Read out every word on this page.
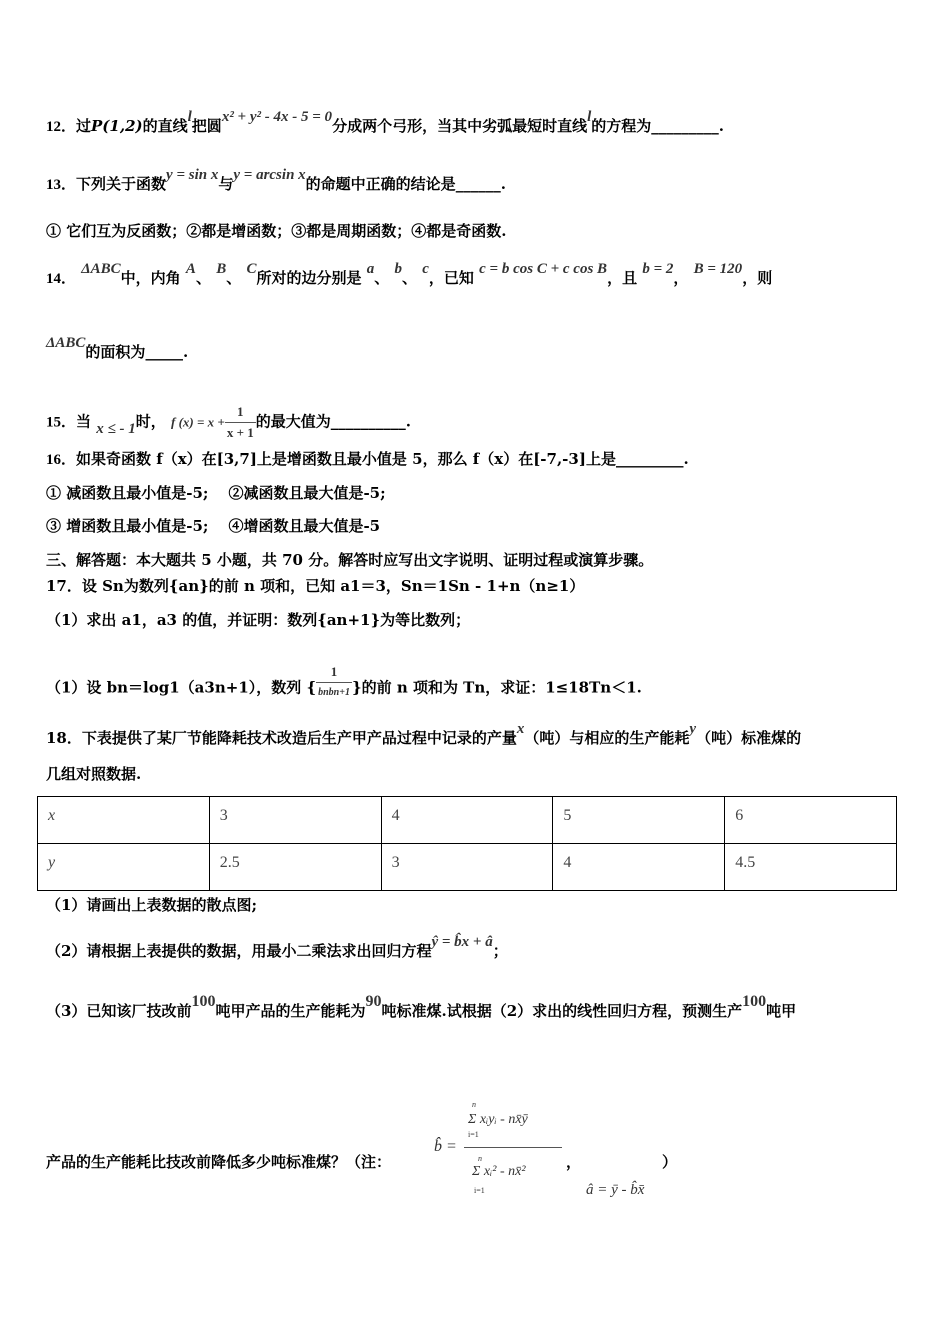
12．过P(1,2)的直线l把圆x² + y² - 4x - 5 = 0分成两个弓形，当其中劣弧最短时直线l的方程为_________.
13．下列关于函数y = sin x与y = arcsin x的命题中正确的结论是______.
① 它们互为反函数；②都是增函数；③都是周期函数；④都是奇函数.
14． ΔABC中，内角 A、 B、 C所对的边分别是 a、 b、 c，已知 c = b cos C + c cos B，且 b = 2， B = 120，则
ΔABC的面积为_____.
15．当 x ≤ - 1时， f $(x) = x + \frac{1}{x + 1}$ 的最大值为__________.
16．如果奇函数 f（x）在[3,7]上是增函数且最小值是 5，那么 f（x）在[-7,-3]上是_________.
① 减函数且最小值是-5; ②减函数且最大值是-5;
③ 增函数且最小值是-5; ④增函数且最大值是-5
三、解答题：本大题共 5 小题，共 70 分。解答时应写出文字说明、证明过程或演算步骤。
17．设 Sn为数列{an}的前 n 项和，已知 a1＝3，Sn＝1Sn - 1+n（n≥1）
（1）求出 a1，a3 的值，并证明：数列{an+1}为等比数列；
（1）设 bn＝log1（a3n+1），数列 { $\frac{1}{\text{bnbn+1}}$ }的前 n 项和为 Tn，求证：1≤18Tn＜1.
18．下表提供了某厂节能降耗技术改造后生产甲产品过程中记录的产量x（吨）与相应的生产能耗y（吨）标准煤的
几组对照数据.
x	3	4	5	6
y	2.5	3	4	4.5
（1）请画出上表数据的散点图;
（2）请根据上表提供的数据，用最小二乘法求出回归方程ŷ = b̂x + â；
（3）已知该厂技改前100吨甲产品的生产能耗为90吨标准煤.试根据（2）求出的线性回归方程，预测生产100吨甲
产品的生产能耗比技改前降低多少吨标准煤？（注：
b̂ =
n
Σ xᵢyᵢ - nx̄ȳ
i=1
n
Σ xᵢ² - nx̄²
i=1
，
â = ȳ - b̂x̄
）
